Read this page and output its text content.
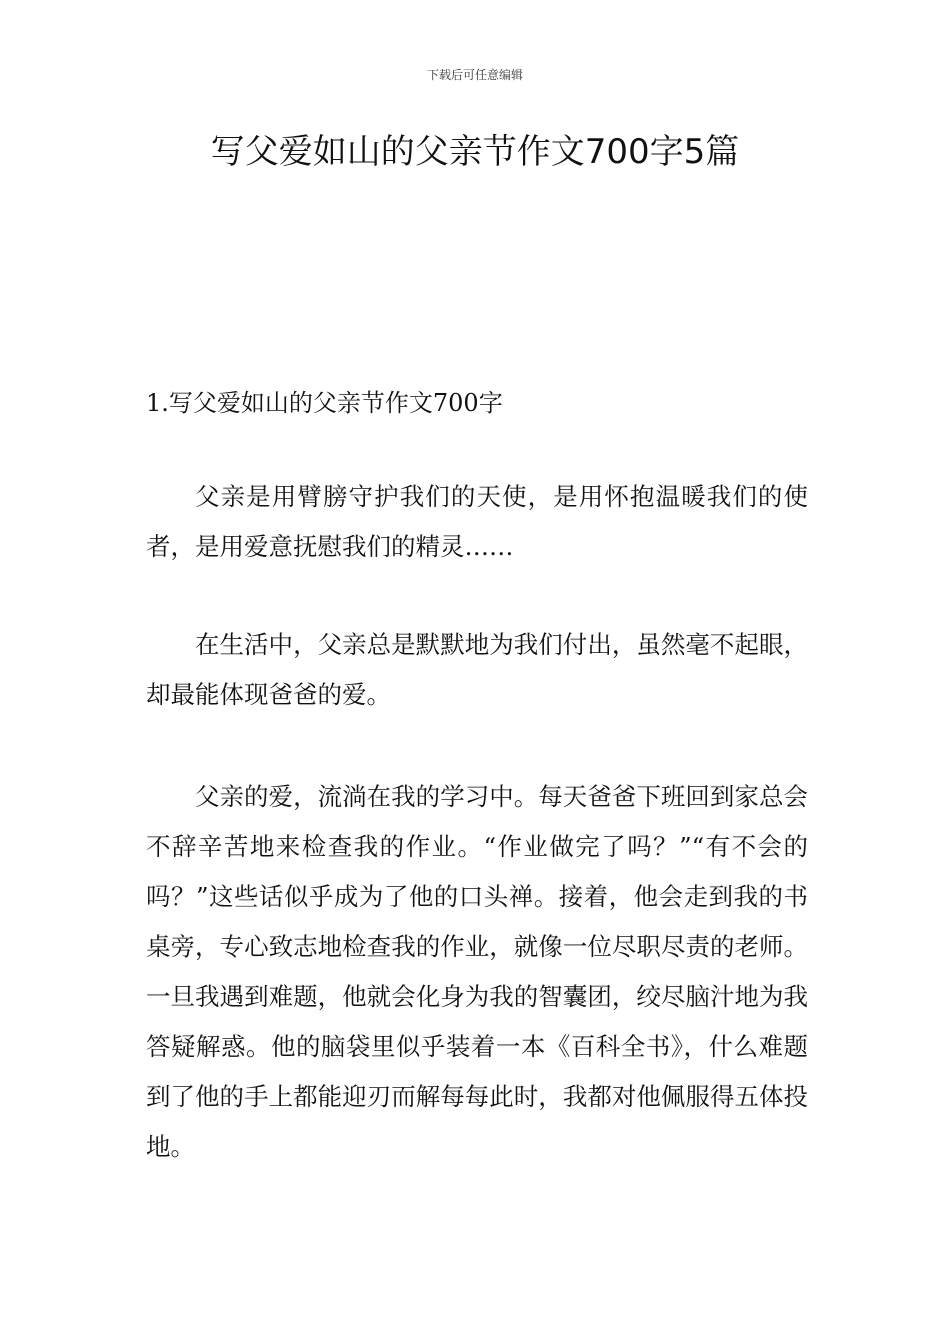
下载后可任意编辑
写父爱如山的父亲节作文700字5篇

1.写父爱如山的父亲节作文700字

父亲是用臂膀守护我们的天使，是用怀抱温暖我们的使者，是用爱意抚慰我们的精灵……

在生活中，父亲总是默默地为我们付出，虽然毫不起眼，却最能体现爸爸的爱。

父亲的爱，流淌在我的学习中。每天爸爸下班回到家总会不辞辛苦地来检查我的作业。“作业做完了吗？”“有不会的吗？”这些话似乎成为了他的口头禅。接着，他会走到我的书桌旁，专心致志地检查我的作业，就像一位尽职尽责的老师。一旦我遇到难题，他就会化身为我的智囊团，绞尽脑汁地为我答疑解惑。他的脑袋里似乎装着一本《百科全书》，什么难题到了他的手上都能迎刃而解每每此时，我都对他佩服得五体投地。
